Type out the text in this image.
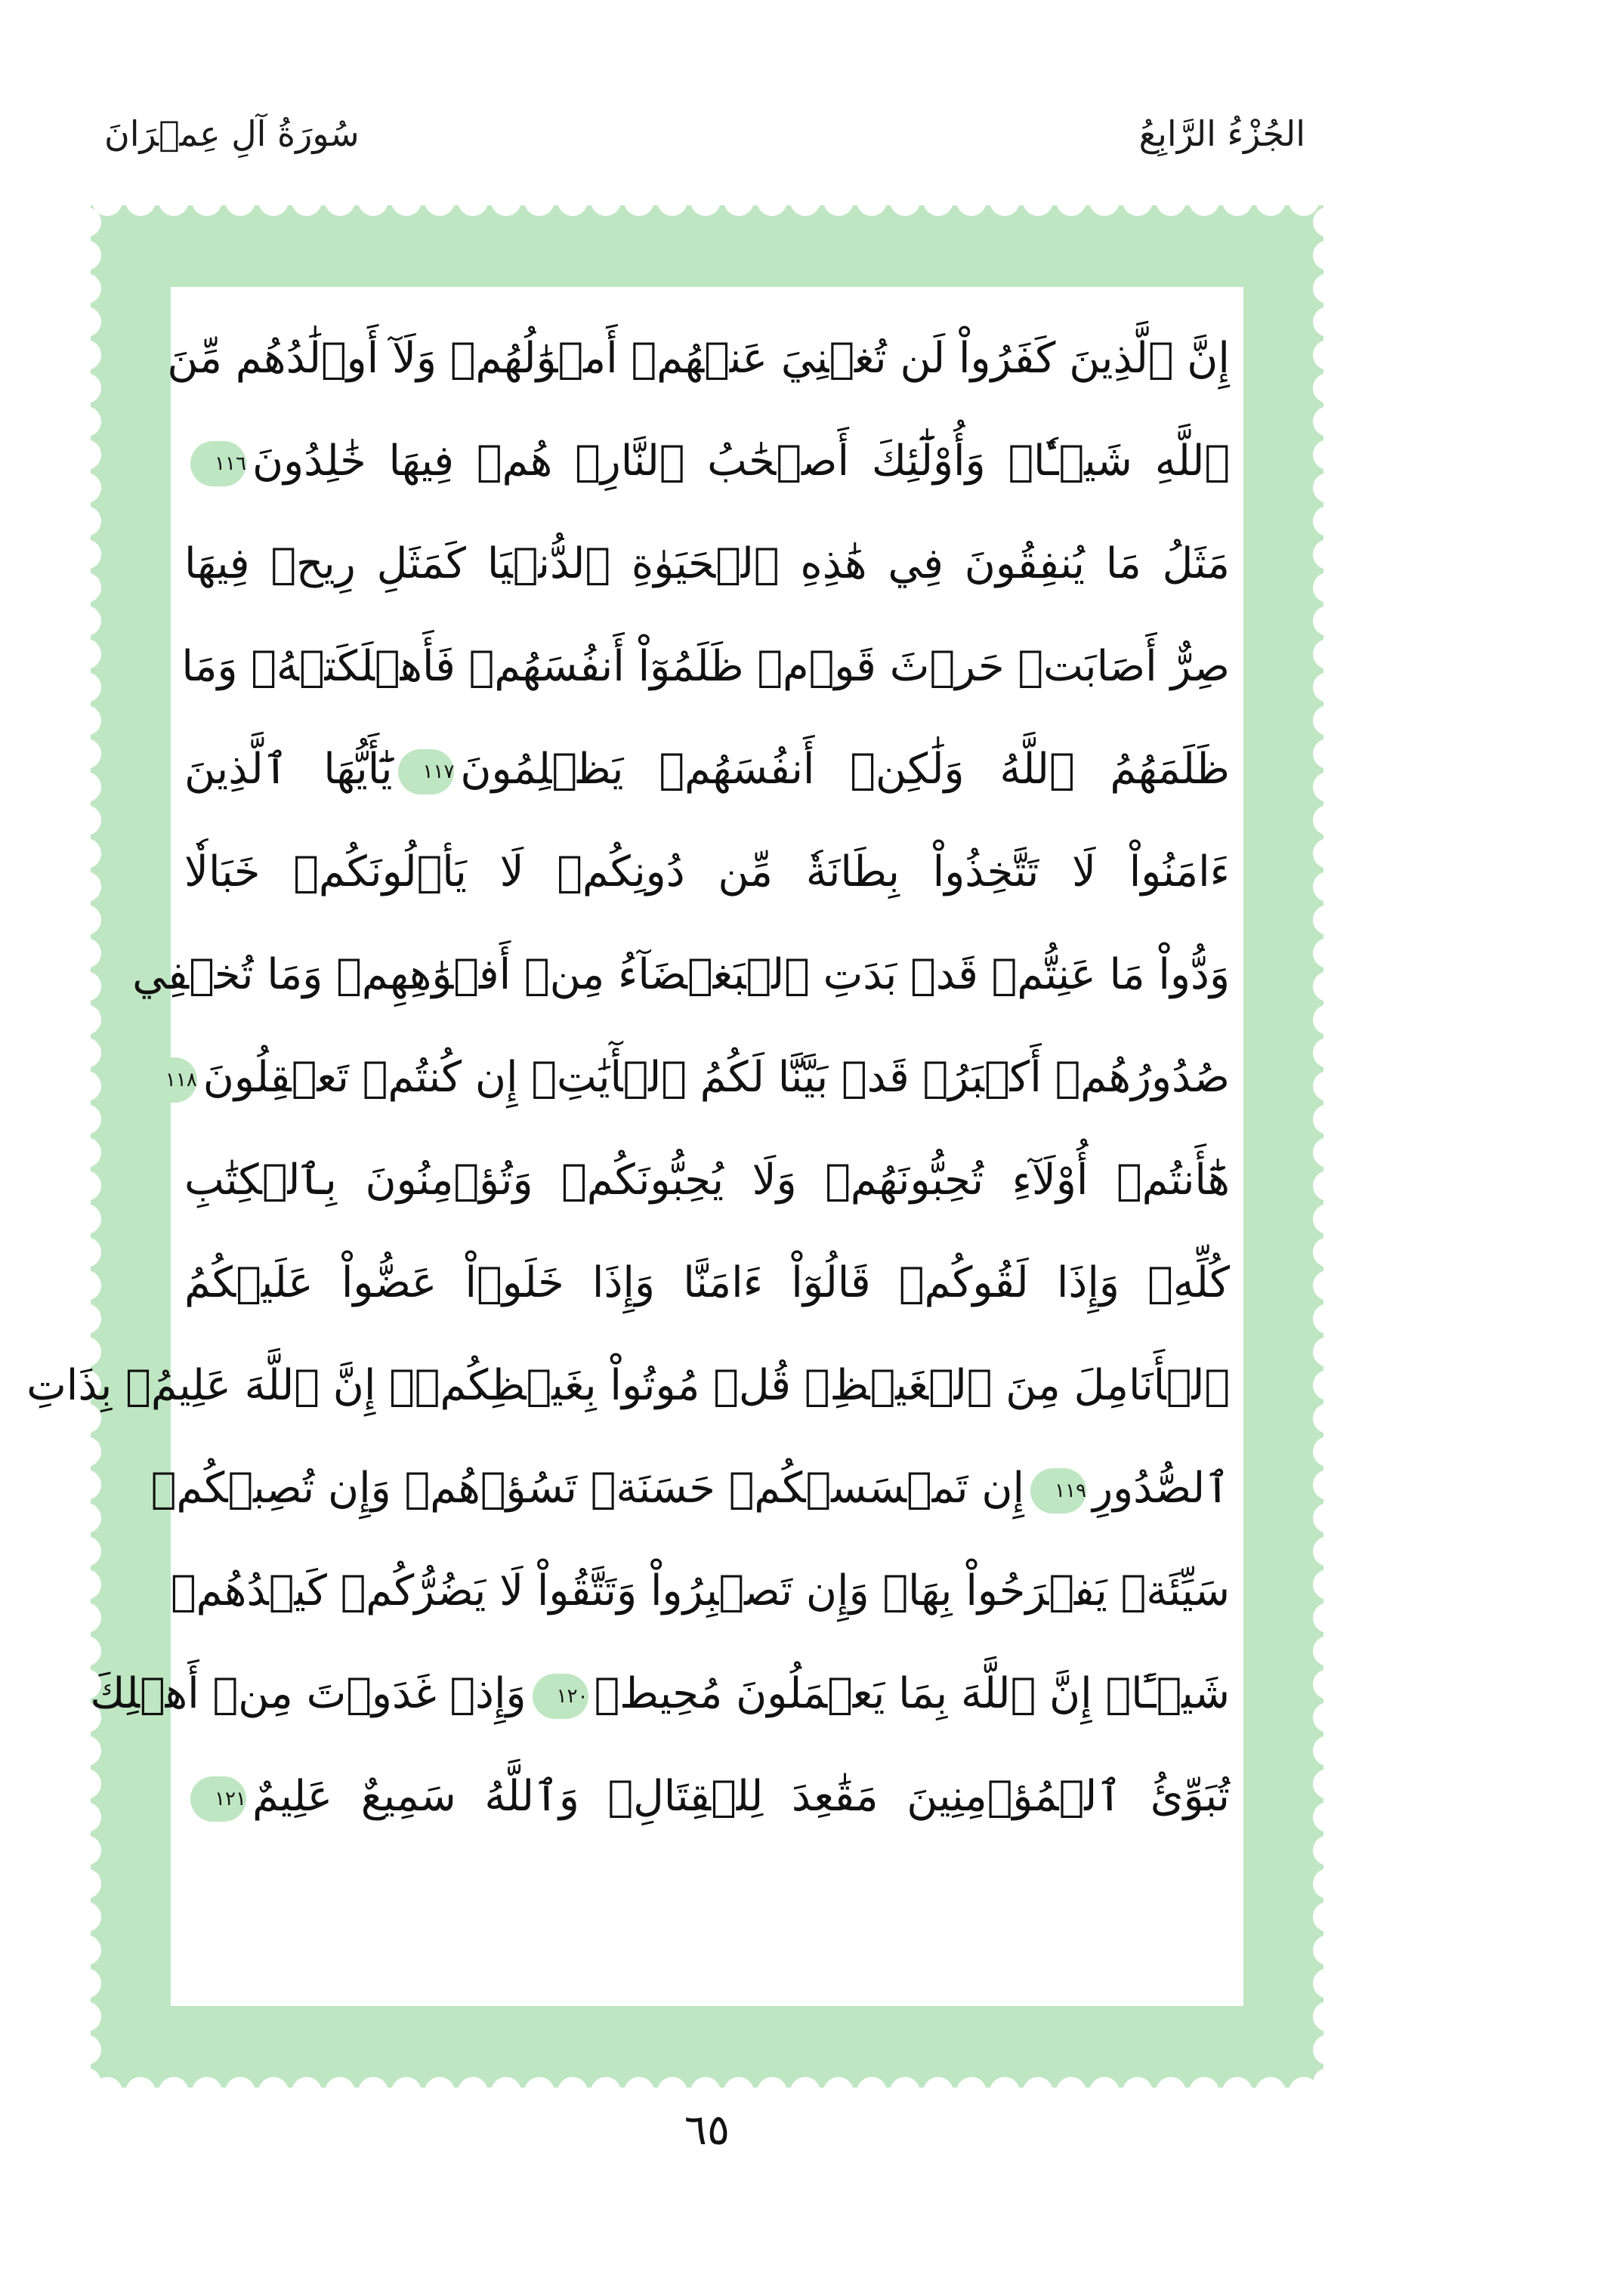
الجُزْءُ الرَّابِعُ
سُورَةُ آلِ عِمۡرَانَ
إِنَّ ٱلَّذِينَ كَفَرُواْ لَن تُغۡنِيَ عَنۡهُمۡ أَمۡوَٰلُهُمۡ وَلَآ أَوۡلَٰدُهُم مِّنَ
ٱللَّهِ شَيۡـٔٗاۖ وَأُوْلَٰٓئِكَ أَصۡحَٰبُ ٱلنَّارِۖ هُمۡ فِيهَا خَٰلِدُونَ١١٦
مَثَلُ مَا يُنفِقُونَ فِي هَٰذِهِ ٱلۡحَيَوٰةِ ٱلدُّنۡيَا كَمَثَلِ رِيحٖ فِيهَا
صِرٌّ أَصَابَتۡ حَرۡثَ قَوۡمٖ ظَلَمُوٓاْ أَنفُسَهُمۡ فَأَهۡلَكَتۡهُۚ وَمَا
ظَلَمَهُمُ ٱللَّهُ وَلَٰكِنۡ أَنفُسَهُمۡ يَظۡلِمُونَ١١٧يَٰٓأَيُّهَا ٱلَّذِينَ
ءَامَنُواْ لَا تَتَّخِذُواْ بِطَانَةٗ مِّن دُونِكُمۡ لَا يَأۡلُونَكُمۡ خَبَالٗا
وَدُّواْ مَا عَنِتُّمۡ قَدۡ بَدَتِ ٱلۡبَغۡضَآءُ مِنۡ أَفۡوَٰهِهِمۡ وَمَا تُخۡفِي
صُدُورُهُمۡ أَكۡبَرُۚ قَدۡ بَيَّنَّا لَكُمُ ٱلۡأٓيَٰتِۖ إِن كُنتُمۡ تَعۡقِلُونَ١١٨
هَٰٓأَنتُمۡ أُوْلَآءِ تُحِبُّونَهُمۡ وَلَا يُحِبُّونَكُمۡ وَتُؤۡمِنُونَ بِٱلۡكِتَٰبِ
كُلِّهِۦ وَإِذَا لَقُوكُمۡ قَالُوٓاْ ءَامَنَّا وَإِذَا خَلَوۡاْ عَضُّواْ عَلَيۡكُمُ
ٱلۡأَنَامِلَ مِنَ ٱلۡغَيۡظِۚ قُلۡ مُوتُواْ بِغَيۡظِكُمۡۗ إِنَّ ٱللَّهَ عَلِيمُۢ بِذَاتِ
ٱلصُّدُورِ١١٩إِن تَمۡسَسۡكُمۡ حَسَنَةٞ تَسُؤۡهُمۡ وَإِن تُصِبۡكُمۡ
سَيِّئَةٞ يَفۡرَحُواْ بِهَاۖ وَإِن تَصۡبِرُواْ وَتَتَّقُواْ لَا يَضُرُّكُمۡ كَيۡدُهُمۡ
شَيۡـًٔاۗ إِنَّ ٱللَّهَ بِمَا يَعۡمَلُونَ مُحِيطٞ١٢٠وَإِذۡ غَدَوۡتَ مِنۡ أَهۡلِكَ
تُبَوِّئُ ٱلۡمُؤۡمِنِينَ مَقَٰعِدَ لِلۡقِتَالِۗ وَٱللَّهُ سَمِيعٌ عَلِيمٌ١٢١
٦٥
